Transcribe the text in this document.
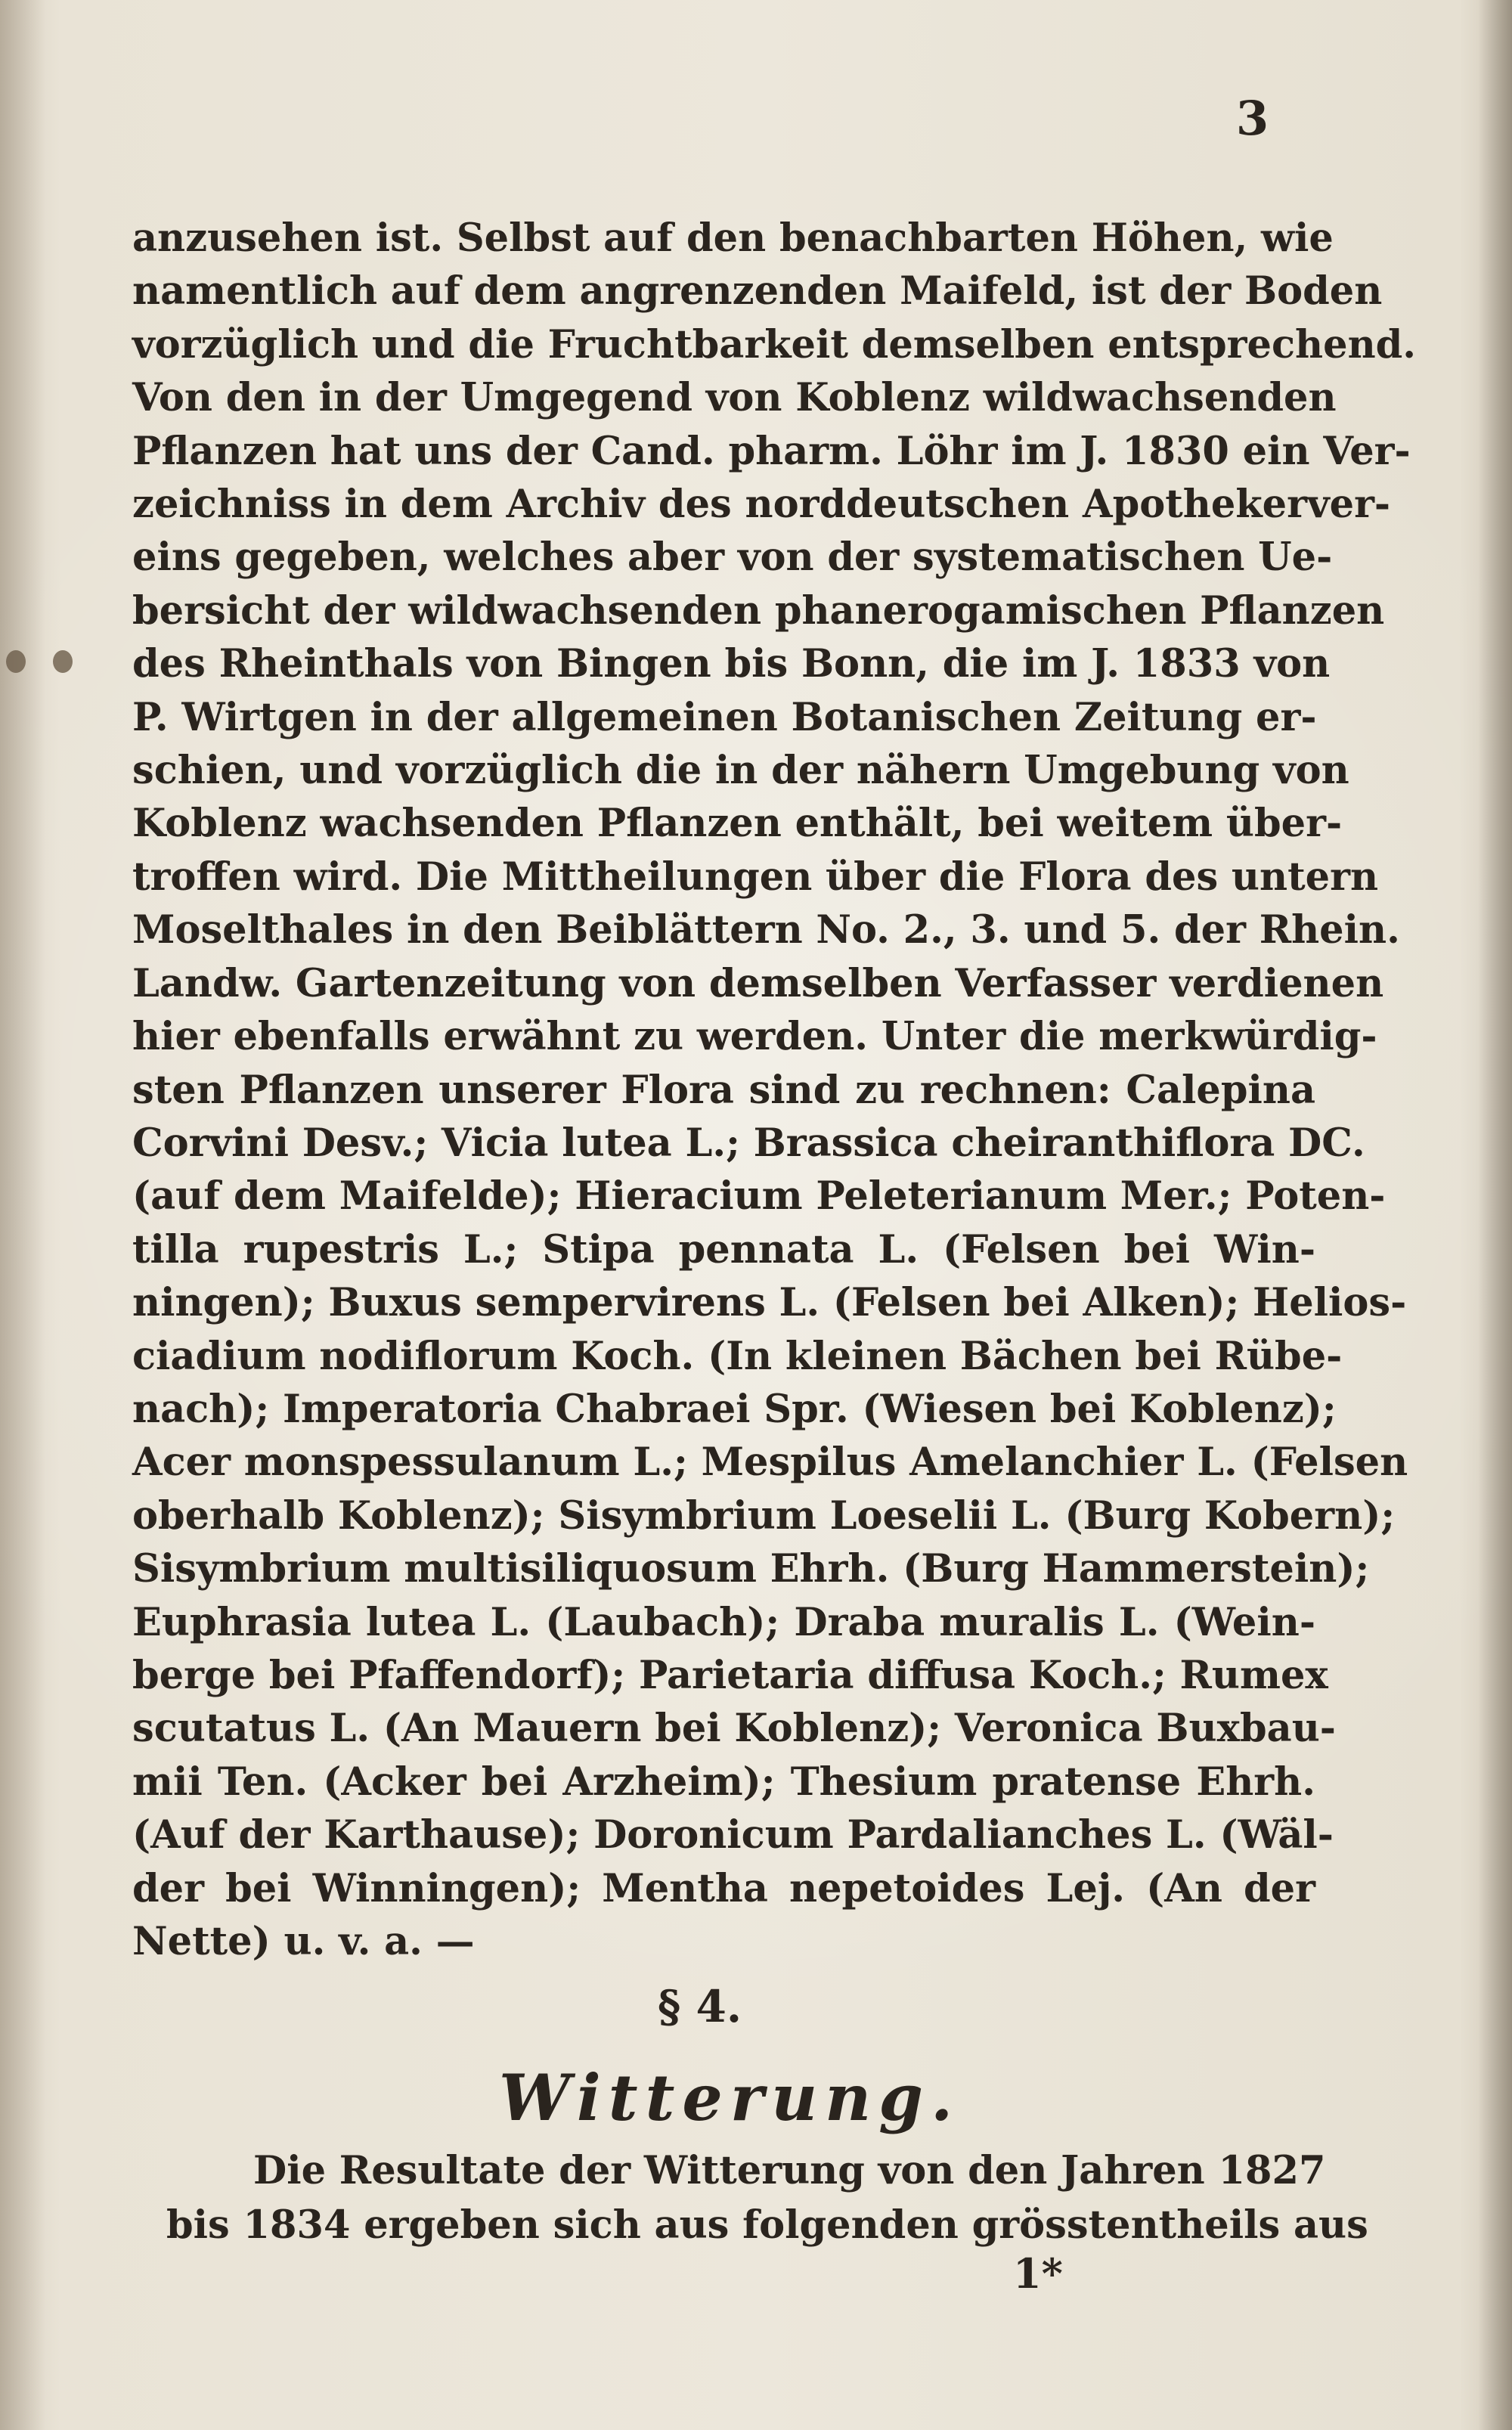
3
anzusehen ist. Selbst auf den benachbarten Höhen, wie
namentlich auf dem angrenzenden Maifeld, ist der Boden
vorzüglich und die Fruchtbarkeit demselben entsprechend.
Von den in der Umgegend von Koblenz wildwachsenden
Pflanzen hat uns der Cand. pharm. Löhr im J. 1830 ein Ver-
zeichniss in dem Archiv des norddeutschen Apothekerver-
eins gegeben, welches aber von der systematischen Ue-
bersicht der wildwachsenden phanerogamischen Pflanzen
des Rheinthals von Bingen bis Bonn, die im J. 1833 von
P. Wirtgen in der allgemeinen Botanischen Zeitung er-
schien, und vorzüglich die in der nähern Umgebung von
Koblenz wachsenden Pflanzen enthält, bei weitem über-
troffen wird. Die Mittheilungen über die Flora des untern
Moselthales in den Beiblättern No. 2., 3. und 5. der Rhein.
Landw. Gartenzeitung von demselben Verfasser verdienen
hier ebenfalls erwähnt zu werden. Unter die merkwürdig-
sten Pflanzen unserer Flora sind zu rechnen: Calepina
Corvini Desv.; Vicia lutea L.; Brassica cheiranthiflora DC.
(auf dem Maifelde); Hieracium Peleterianum Mer.; Poten-
tilla rupestris L.; Stipa pennata L. (Felsen bei Win-
ningen); Buxus sempervirens L. (Felsen bei Alken); Helios-
ciadium nodiflorum Koch. (In kleinen Bächen bei Rübe-
nach); Imperatoria Chabraei Spr. (Wiesen bei Koblenz);
Acer monspessulanum L.; Mespilus Amelanchier L. (Felsen
oberhalb Koblenz); Sisymbrium Loeselii L. (Burg Kobern);
Sisymbrium multisiliquosum Ehrh. (Burg Hammerstein);
Euphrasia lutea L. (Laubach); Draba muralis L. (Wein-
berge bei Pfaffendorf); Parietaria diffusa Koch.; Rumex
scutatus L. (An Mauern bei Koblenz); Veronica Buxbau-
mii Ten. (Acker bei Arzheim); Thesium pratense Ehrh.
(Auf der Karthause); Doronicum Pardalianches L. (Wäl-
der bei Winningen); Mentha nepetoides Lej. (An der
Nette) u. v. a. —
§ 4.
Witterung.
Die Resultate der Witterung von den Jahren 1827
bis 1834 ergeben sich aus folgenden grösstentheils aus
1*
